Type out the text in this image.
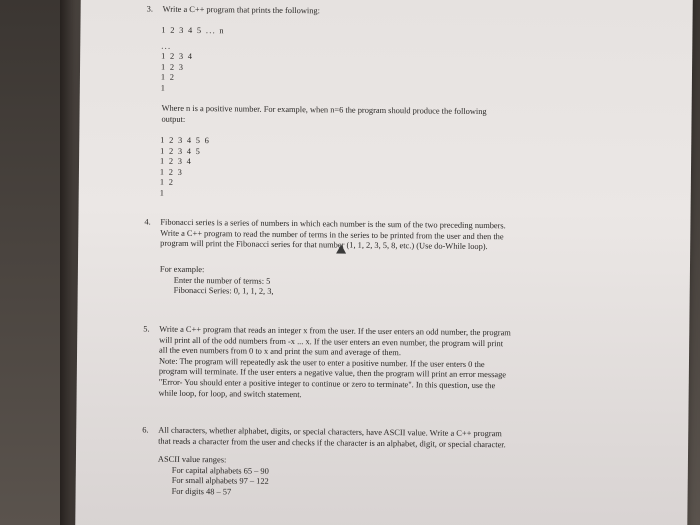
3.	Write a C++ program that prints the following:
1 2 3 4 5 ... n
...
1 2 3 4
1 2 3
1 2
1
Where n is a positive number. For example, when n=6 the program should produce the following
output:
1 2 3 4 5 6
1 2 3 4 5
1 2 3 4
1 2 3
1 2
1
4.	Fibonacci series is a series of numbers in which each number is the sum of the two preceding numbers.
Write a C++ program to read the number of terms in the series to be printed from the user and then the
program will print the Fibonacci series for that number (1, 1, 2, 3, 5, 8, etc.) (Use do-While loop).
For example:
Enter the number of terms: 5
Fibonacci Series: 0, 1, 1, 2, 3,
5.	Write a C++ program that reads an integer x from the user. If the user enters an odd number, the program
will print all of the odd numbers from -x ... x. If the user enters an even number, the program will print
all the even numbers from 0 to x and print the sum and average of them.
Note: The program will repeatedly ask the user to enter a positive number. If the user enters 0 the
program will terminate. If the user enters a negative value, then the program will print an error message
"Error- You should enter a positive integer to continue or zero to terminate". In this question, use the
while loop, for loop, and switch statement.
6.	All characters, whether alphabet, digits, or special characters, have ASCII value. Write a C++ program
that reads a character from the user and checks if the character is an alphabet, digit, or special character.
ASCII value ranges:
For capital alphabets 65 – 90
For small alphabets 97 – 122
For digits 48 – 57
